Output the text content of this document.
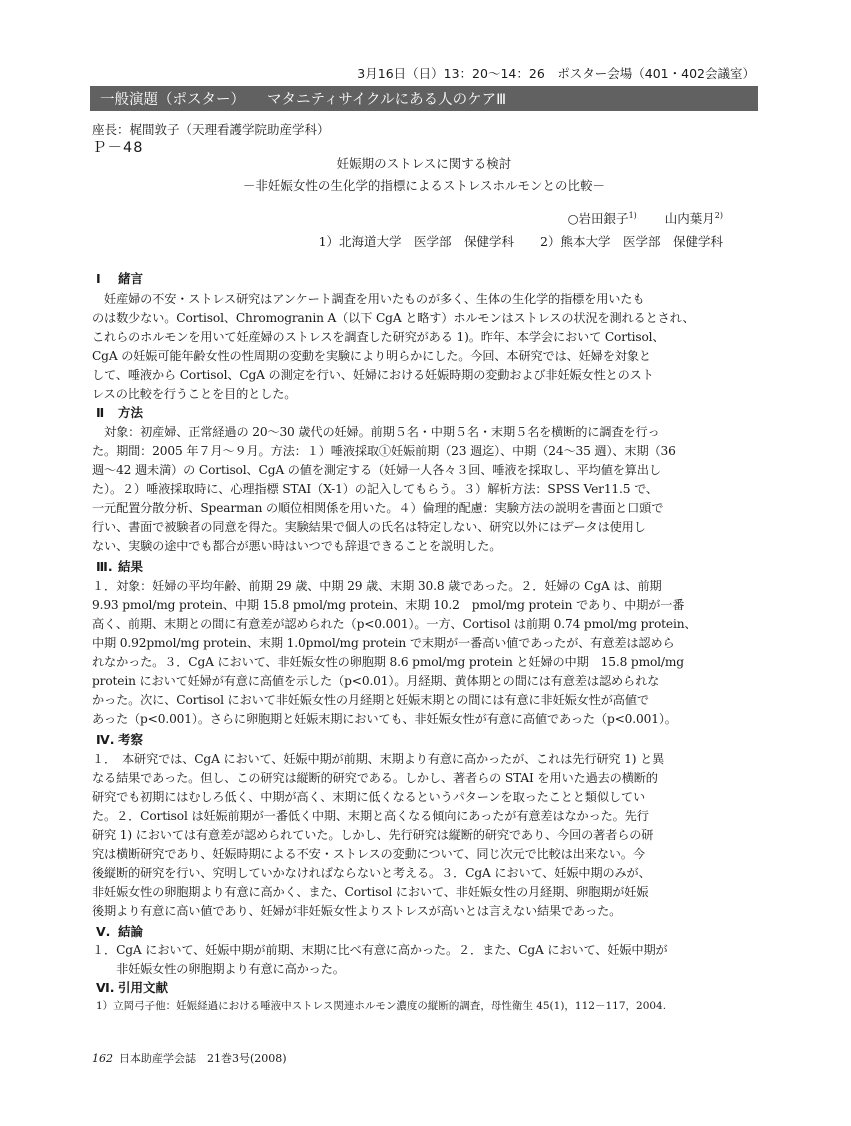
3月16日（日）13：20〜14：26　ポスター会場（401・402会議室）
一般演題（ポスター） マタニティサイクルにある人のケアⅢ
座長：梶間敦子（天理看護学院助産学科）
Ｐ－48
妊娠期のストレスに関する検討
－非妊娠女性の生化学的指標によるストレスホルモンとの比較－
○岩田銀子$^{1)}$ 山内葉月$^{2)}$
1）北海道大学　医学部　保健学科 2）熊本大学　医学部　保健学科
Ⅰ 緒言
Ⅱ 方法
Ⅲ. 結果
Ⅳ. 考察
Ⅴ. 結論
Ⅵ. 引用文献
　妊産婦の不安・ストレス研究はアンケート調査を用いたものが多く、生体の生化学的指標を用いたも
のは数少ない。Cortisol、Chromogranin A（以下 CgA と略す）ホルモンはストレスの状況を測れるとされ、
これらのホルモンを用いて妊産婦のストレスを調査した研究がある 1)。昨年、本学会において Cortisol、
CgA の妊娠可能年齢女性の性周期の変動を実験により明らかにした。今回、本研究では、妊婦を対象と
して、唾液から Cortisol、CgA の測定を行い、妊婦における妊娠時期の変動および非妊娠女性とのスト
レスの比較を行うことを目的とした。
　対象：初産婦、正常経過の 20〜30 歳代の妊婦。前期５名・中期５名・末期５名を横断的に調査を行っ
た。期間：2005 年７月〜９月。方法：１）唾液採取①妊娠前期（23 週迄）、中期（24〜35 週）、末期（36
週〜42 週未満）の Cortisol、CgA の値を測定する（妊婦一人各々３回、唾液を採取し、平均値を算出し
た）。２）唾液採取時に、心理指標 STAI（X-1）の記入してもらう。３）解析方法：SPSS Ver11.5 で、
一元配置分散分析、Spearman の順位相関係を用いた。４）倫理的配慮：実験方法の説明を書面と口頭で
行い、書面で被験者の同意を得た。実験結果で個人の氏名は特定しない、研究以外にはデータは使用し
ない、実験の途中でも都合が悪い時はいつでも辞退できることを説明した。
１．対象：妊婦の平均年齢、前期 29 歳、中期 29 歳、末期 30.8 歳であった。２．妊婦の CgA は、前期
9.93 pmol/mg protein、中期 15.8 pmol/mg protein、末期 10.2　pmol/mg protein であり、中期が一番
高く、前期、末期との間に有意差が認められた（p<0.001）。一方、Cortisol は前期 0.74 pmol/mg protein、
中期 0.92pmol/mg protein、末期 1.0pmol/mg protein で末期が一番高い値であったが、有意差は認めら
れなかった。３．CgA において、非妊娠女性の卵胞期 8.6 pmol/mg protein と妊婦の中期　15.8 pmol/mg
protein において妊婦が有意に高値を示した（p<0.01）。月経期、黄体期との間には有意差は認められな
かった。次に、Cortisol において非妊娠女性の月経期と妊娠末期との間には有意に非妊娠女性が高値で
あった（p<0.001）。さらに卵胞期と妊娠末期においても、非妊娠女性が有意に高値であった（p<0.001）。
１．　本研究では、CgA において、妊娠中期が前期、末期より有意に高かったが、これは先行研究 1) と異
なる結果であった。但し、この研究は縦断的研究である。しかし、著者らの STAI を用いた過去の横断的
研究でも初期にはむしろ低く、中期が高く、末期に低くなるというパターンを取ったことと類似してい
た。２．Cortisol は妊娠前期が一番低く中期、末期と高くなる傾向にあったが有意差はなかった。先行
研究 1) においては有意差が認められていた。しかし、先行研究は縦断的研究であり、今回の著者らの研
究は横断研究であり、妊娠時期による不安・ストレスの変動について、同じ次元で比較は出来ない。今
後縦断的研究を行い、究明していかなければならないと考える。３．CgA において、妊娠中期のみが、
非妊娠女性の卵胞期より有意に高かく、また、Cortisol において、非妊娠女性の月経期、卵胞期が妊娠
後期より有意に高い値であり、妊婦が非妊娠女性よりストレスが高いとは言えない結果であった。
１．CgA において、妊娠中期が前期、末期に比べ有意に高かった。２．また、CgA において、妊娠中期が
　　非妊娠女性の卵胞期より有意に高かった。
1）立岡弓子他：妊娠経過における唾液中ストレス関連ホルモン濃度の縦断的調査，母性衛生 45(1)，112－117，2004.
162 日本助産学会誌　21巻3号(2008)
